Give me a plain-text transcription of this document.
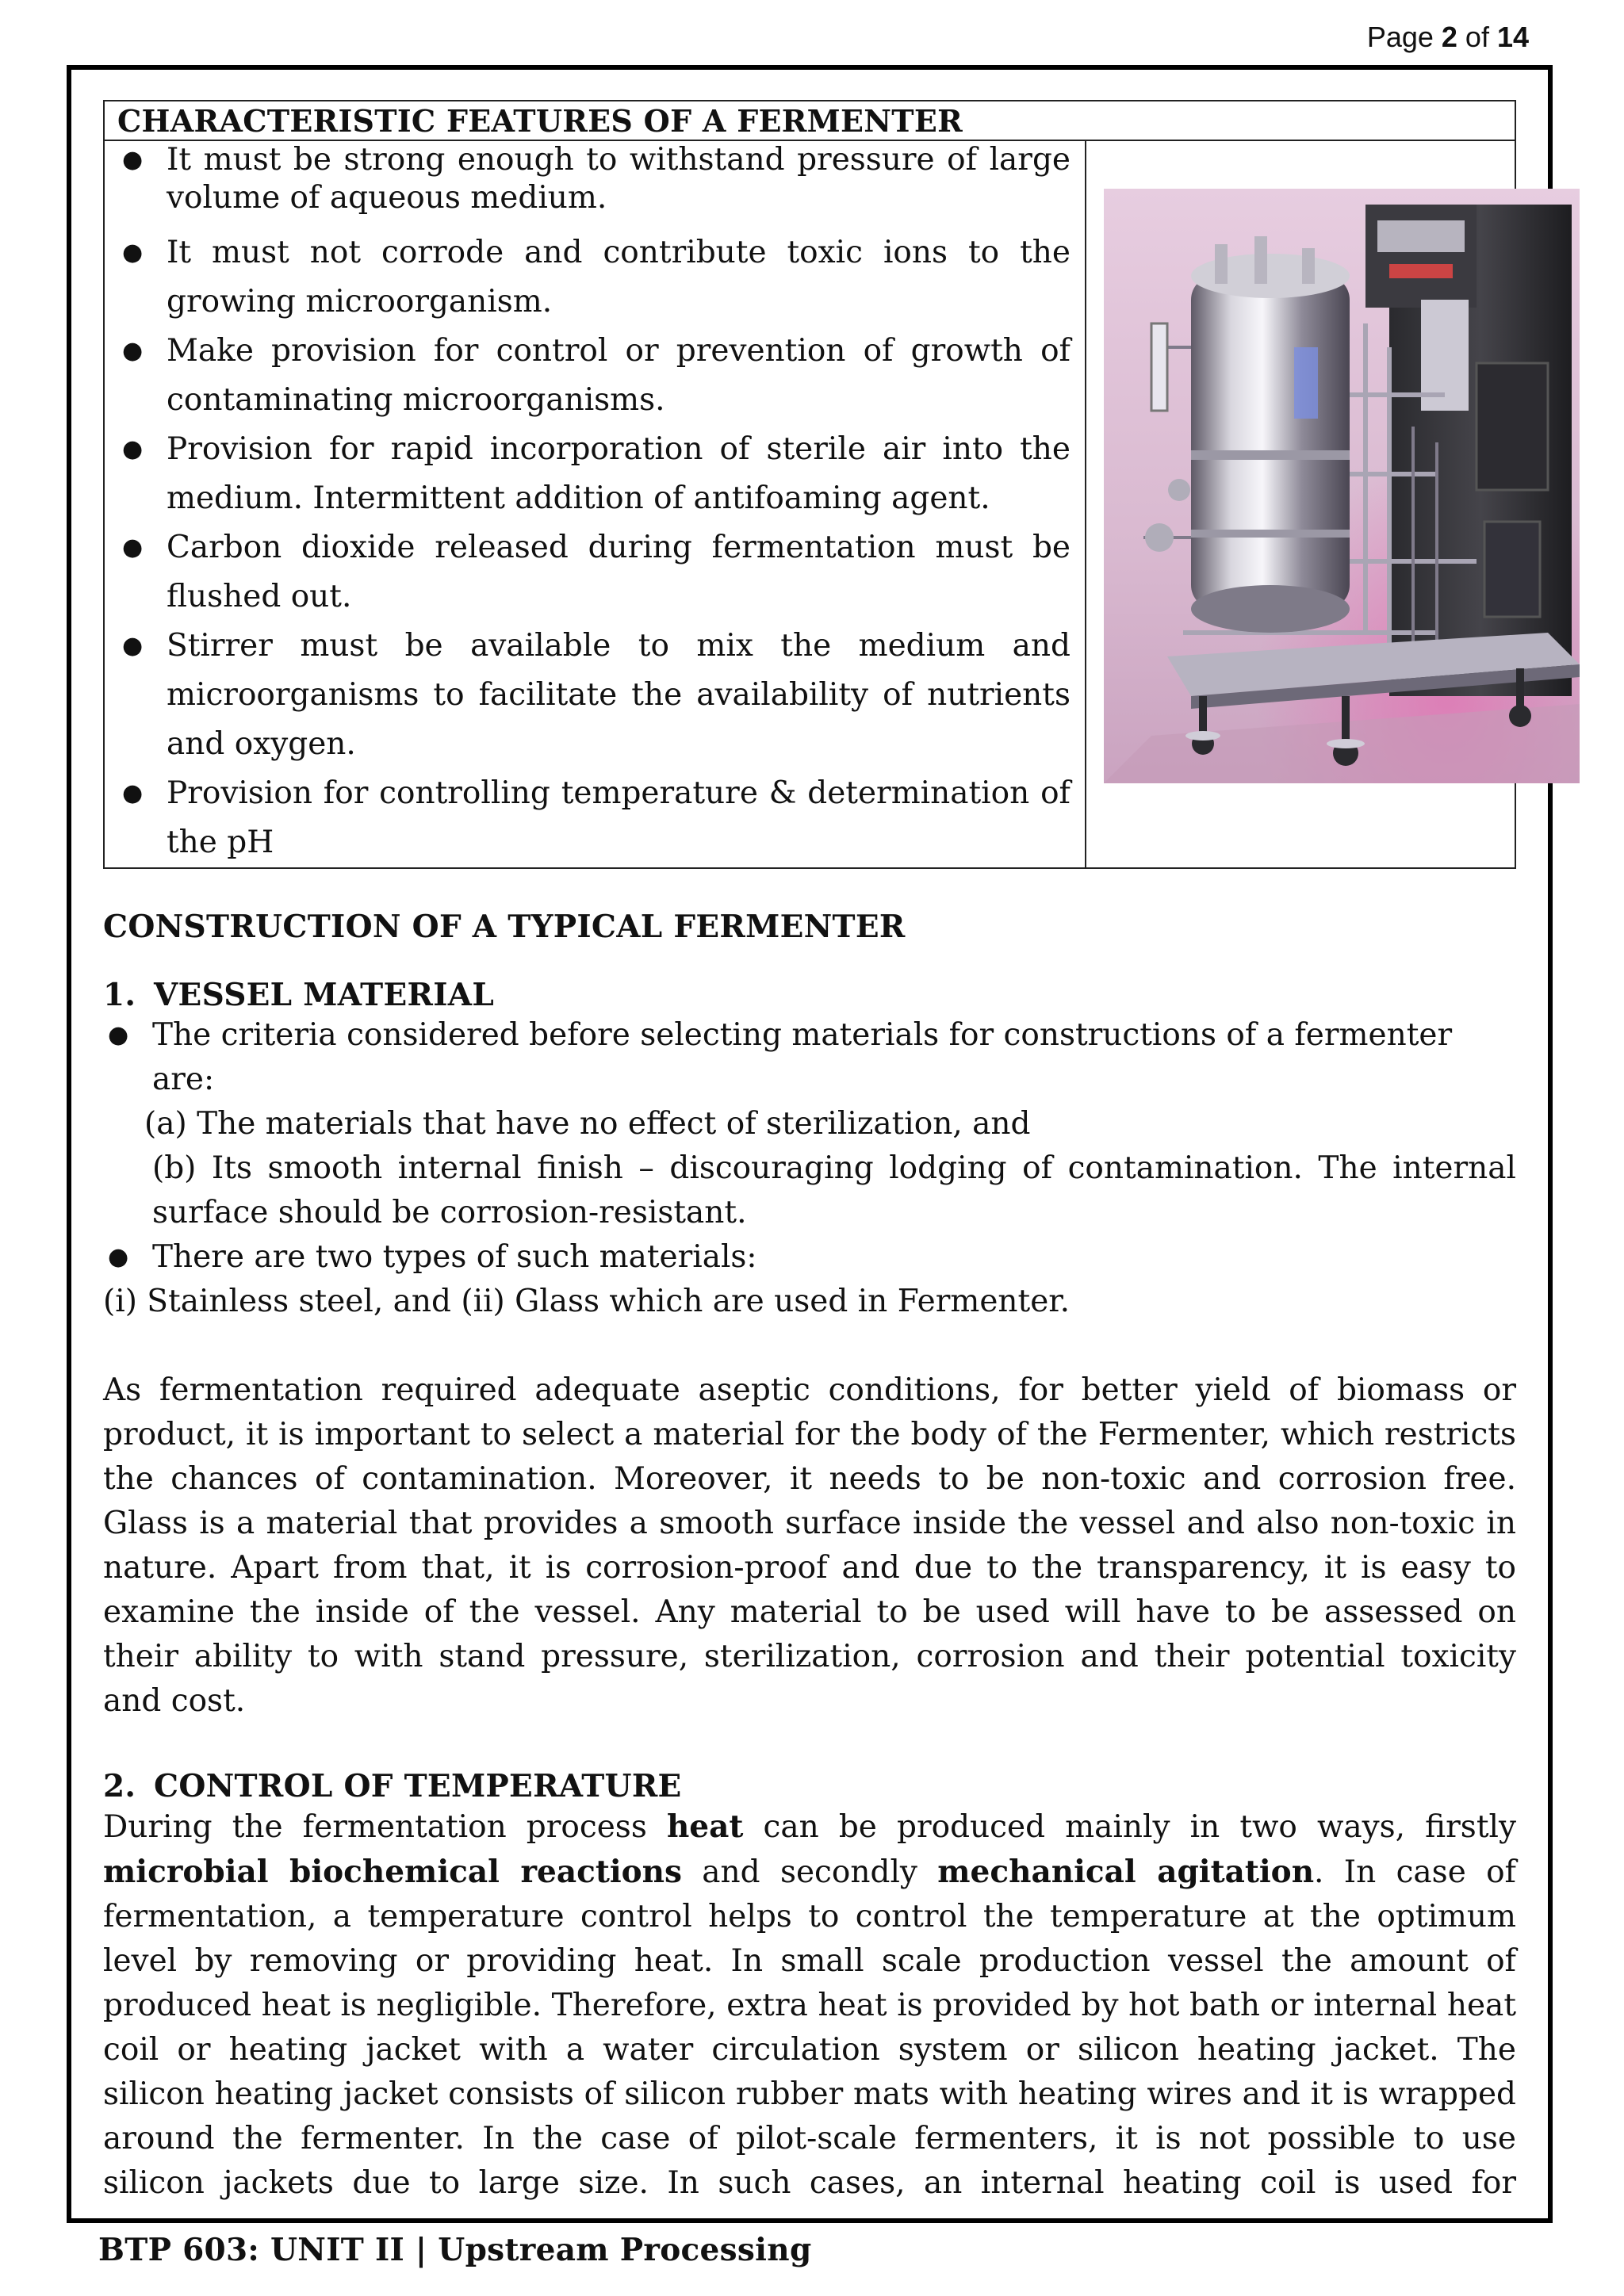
Page 2 of 14
CHARACTERISTIC FEATURES OF A FERMENTER

● It must be strong enough to withstand pressure of large volume of aqueous medium.
● It must not corrode and contribute toxic ions to the growing microorganism.
● Make provision for control or prevention of growth of contaminating microorganisms.
● Provision for rapid incorporation of sterile air into the medium. Intermittent addition of antifoaming agent.
● Carbon dioxide released during fermentation must be flushed out.
● Stirrer must be available to mix the medium and microorganisms to facilitate the availability of nutrients and oxygen.
● Provision for controlling temperature & determination of the pH

CONSTRUCTION OF A TYPICAL FERMENTER
1. VESSEL MATERIAL
● The criteria considered before selecting materials for constructions of a fermenter are:
(a) The materials that have no effect of sterilization, and
(b) Its smooth internal finish – discouraging lodging of contamination. The internal surface should be corrosion-resistant.
● There are two types of such materials:
(i) Stainless steel, and (ii) Glass which are used in Fermenter.

As fermentation required adequate aseptic conditions, for better yield of biomass or product, it is important to select a material for the body of the Fermenter, which restricts the chances of contamination. Moreover, it needs to be non-toxic and corrosion free. Glass is a material that provides a smooth surface inside the vessel and also non-toxic in nature. Apart from that, it is corrosion-proof and due to the transparency, it is easy to examine the inside of the vessel. Any material to be used will have to be assessed on their ability to with stand pressure, sterilization, corrosion and their potential toxicity and cost.

2. CONTROL OF TEMPERATURE

During the fermentation process heat can be produced mainly in two ways, firstly microbial biochemical reactions and secondly mechanical agitation. In case of fermentation, a temperature control helps to control the temperature at the optimum level by removing or providing heat. In small scale production vessel the amount of produced heat is negligible. Therefore, extra heat is provided by hot bath or internal heat coil or heating jacket with a water circulation system or silicon heating jacket. The silicon heating jacket consists of silicon rubber mats with heating wires and it is wrapped around the fermenter. In the case of pilot-scale fermenters, it is not possible to use silicon jackets due to large size. In such cases, an internal heating coil is used for

BTP 603: UNIT II | Upstream Processing
